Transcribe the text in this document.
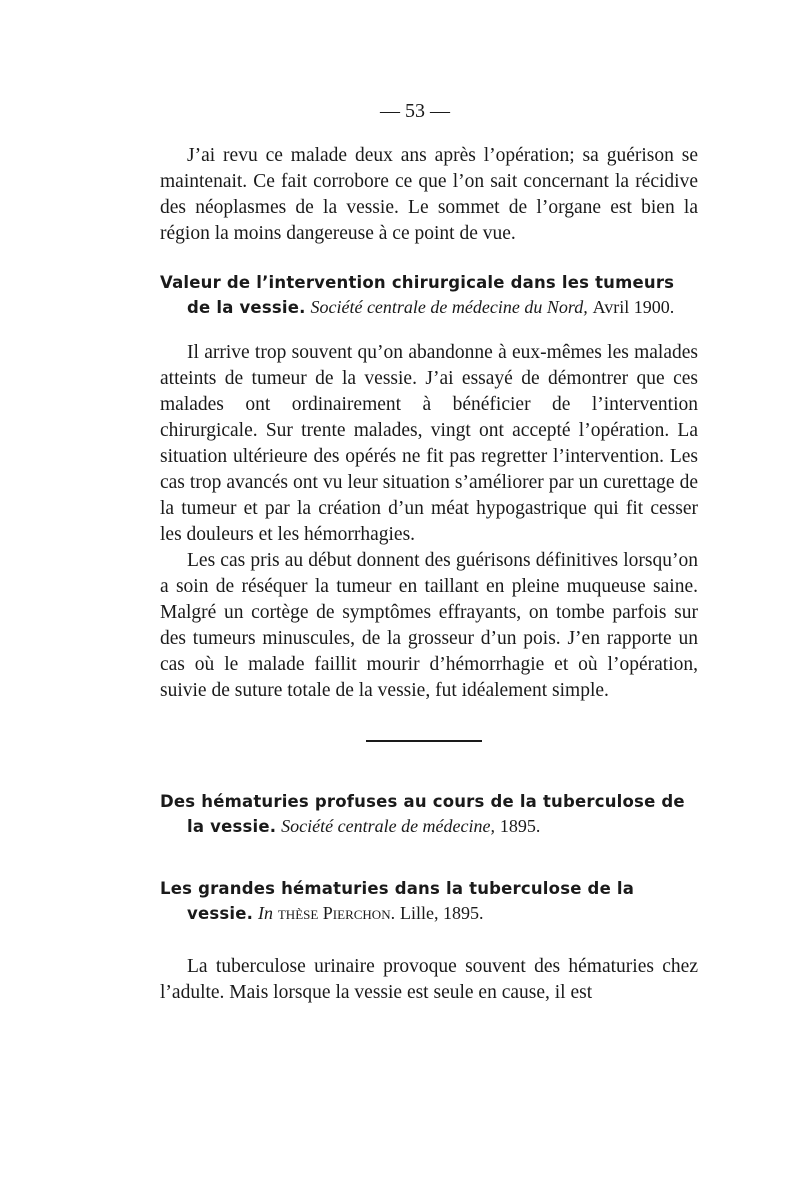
— 53 —

J’ai revu ce malade deux ans après l’opération; sa guérison se maintenait. Ce fait corrobore ce que l’on sait concernant la récidive des néoplasmes de la vessie. Le sommet de l’organe est bien la région la moins dangereuse à ce point de vue.

Valeur de l’intervention chirurgicale dans les tumeurs de la vessie. Société centrale de médecine du Nord, Avril 1900.

Il arrive trop souvent qu’on abandonne à eux-mêmes les malades atteints de tumeur de la vessie. J’ai essayé de démontrer que ces malades ont ordinairement à bénéficier de l’intervention chirurgicale. Sur trente malades, vingt ont accepté l’opération. La situation ultérieure des opérés ne fit pas regretter l’intervention. Les cas trop avancés ont vu leur situation s’améliorer par un curettage de la tumeur et par la création d’un méat hypogastrique qui fit cesser les douleurs et les hémorrhagies.

Les cas pris au début donnent des guérisons définitives lorsqu’on a soin de réséquer la tumeur en taillant en pleine muqueuse saine. Malgré un cortège de symptômes effrayants, on tombe parfois sur des tumeurs minuscules, de la grosseur d’un pois. J’en rapporte un cas où le malade faillit mourir d’hémorrhagie et où l’opération, suivie de suture totale de la vessie, fut idéalement simple.

Des hématuries profuses au cours de la tuberculose de la vessie. Société centrale de médecine, 1895.

Les grandes hématuries dans la tuberculose de la vessie. In thèse Pierchon. Lille, 1895.

La tuberculose urinaire provoque souvent des hématuries chez l’adulte. Mais lorsque la vessie est seule en cause, il est
